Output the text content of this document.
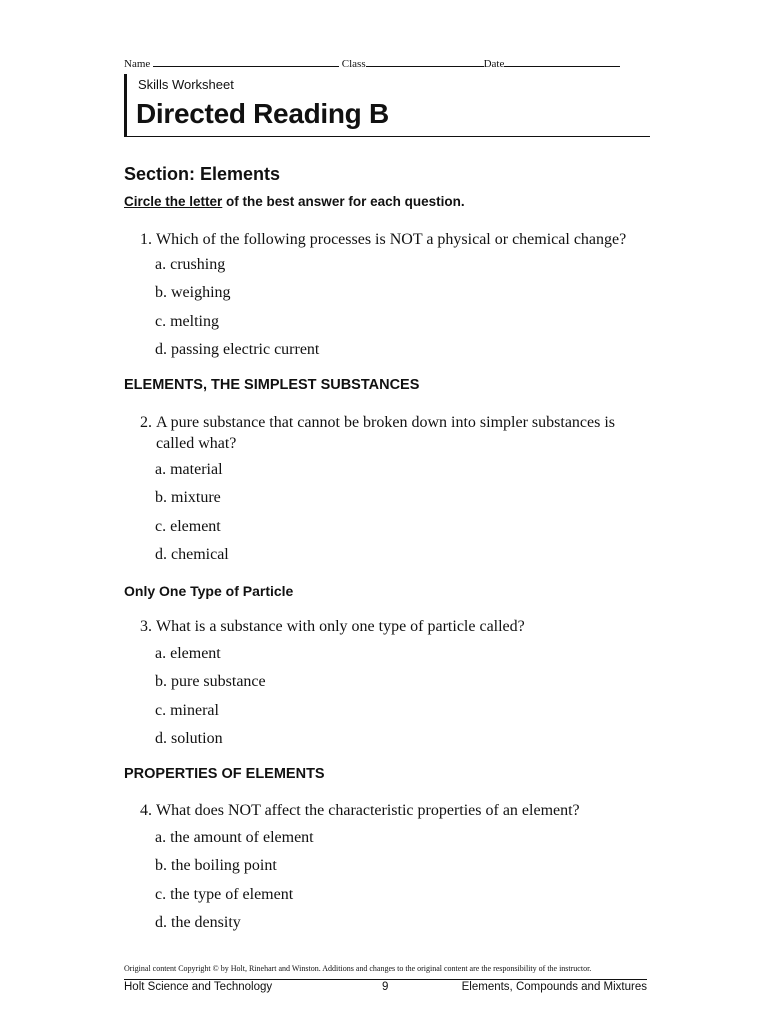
Name	Class	Date
Skills Worksheet
Directed Reading B
Section: Elements
Circle the letter of the best answer for each question.
1. Which of the following processes is NOT a physical or chemical change?
a. crushing
b. weighing
c. melting
d. passing electric current
ELEMENTS, THE SIMPLEST SUBSTANCES
2. A pure substance that cannot be broken down into simpler substances is called what?
a. material
b. mixture
c. element
d. chemical
Only One Type of Particle
3. What is a substance with only one type of particle called?
a. element
b. pure substance
c. mineral
d. solution
PROPERTIES OF ELEMENTS
4. What does NOT affect the characteristic properties of an element?
a. the amount of element
b. the boiling point
c. the type of element
d. the density
Original content Copyright © by Holt, Rinehart and Winston. Additions and changes to the original content are the responsibility of the instructor.
Holt Science and Technology	9	Elements, Compounds and Mixtures
